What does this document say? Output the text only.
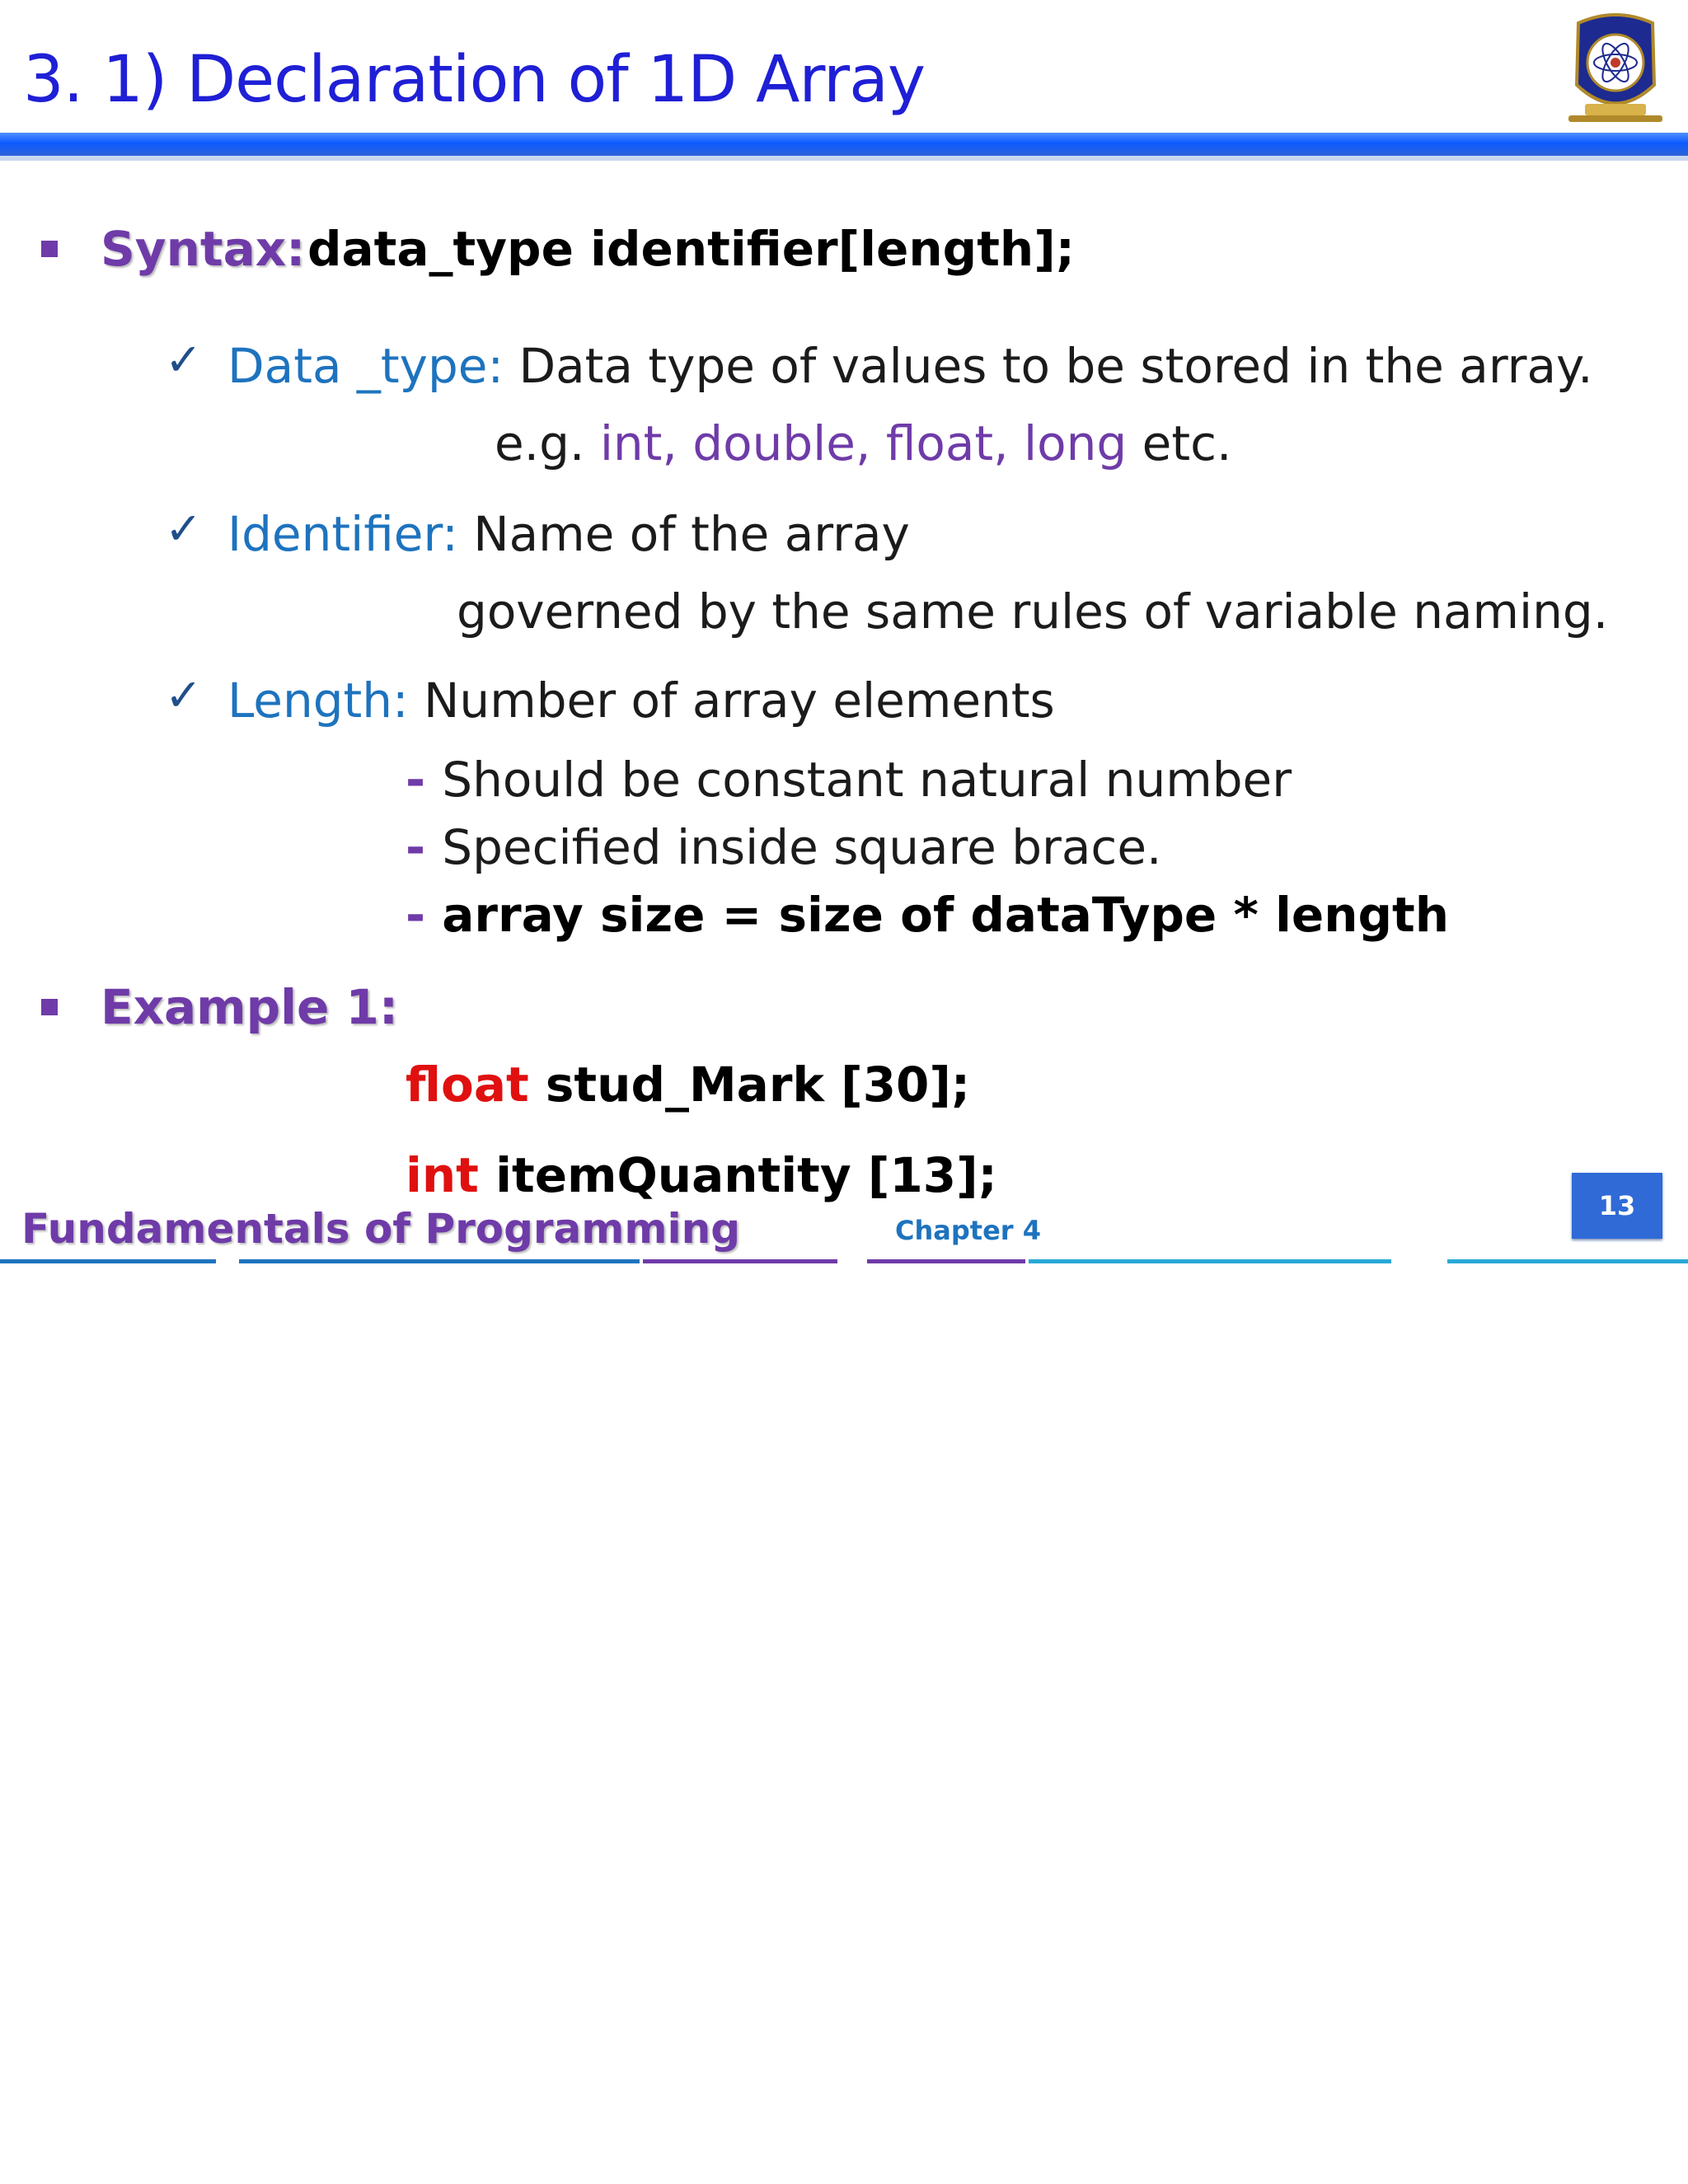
3. 1) Declaration of 1D Array
Syntax: data_type identifier[length];
✓ Data _type: Data type of values to be stored in the array.
e.g. int, double, float, long etc.
✓ Identifier: Name of the array
governed by the same rules of variable naming.
✓ Length: Number of array elements
- Should be constant natural number
- Specified inside square brace.
- array size = size of dataType * length
Example 1:
float stud_Mark [30];
int itemQuantity [13];
Fundamentals of Programming	Chapter 4
13
